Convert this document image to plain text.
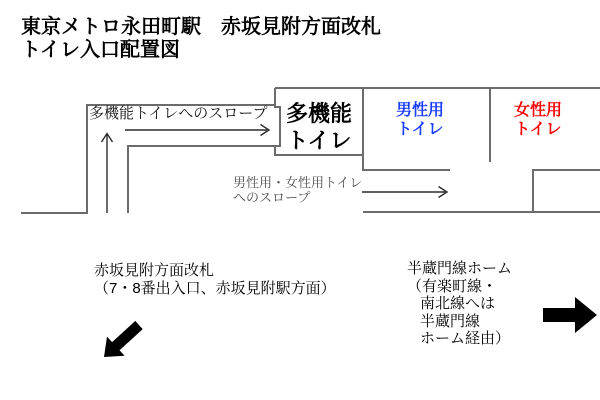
東京メトロ永田町駅　赤坂見附方面改札
トイレ入口配置図
多機能トイレへのスロープ 多機能
トイレ
男性用
トイレ
女性用
トイレ
男性用・女性用トイレ
へのスロープ
赤坂見附方面改札
（7・8番出入口、赤坂見附駅方面）
半蔵門線ホーム
（有楽町線・
南北線へは
半蔵門線
ホーム経由）
